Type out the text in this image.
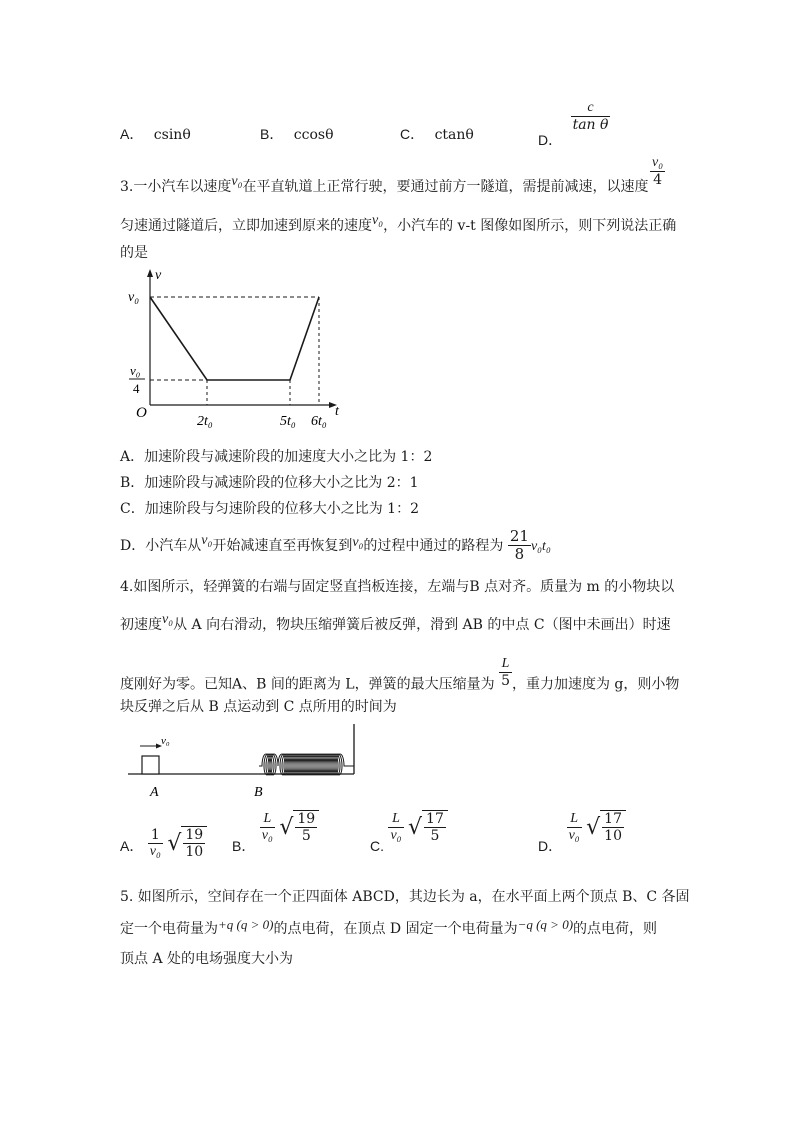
A． csinθ	B． ccosθ	C． ctanθ	D．
$\frac{c}{\text{tan θ}}$
3.一小汽车以速度v₀在平直轨道上正常行驶，要通过前方一隧道，需提前减速，以速度 $\frac{\text{v₀}}{4}$
匀速通过隧道后，立即加速到原来的速度v₀，小汽车的 v-t 图像如图所示，则下列说法正确
的是
v
t
O
v₀
v₀
4
2t₀	5t₀ 6t₀
A．加速阶段与减速阶段的加速度大小之比为 1：2
B．加速阶段与减速阶段的位移大小之比为 2：1
C．加速阶段与匀速阶段的位移大小之比为 1：2
D．小汽车从v₀开始减速直至再恢复到v₀的过程中通过的路程为 $\frac{21}{8} v_0t_0$
4.如图所示，轻弹簧的右端与固定竖直挡板连接，左端与B 点对齐。质量为 m 的小物块以
初速度v₀从 A 向右滑动，物块压缩弹簧后被反弹，滑到 AB 的中点 C（图中未画出）时速
度刚好为零。已知A、B 间的距离为 L，弹簧的最大压缩量为 $\frac{L}{5}$ ，重力加速度为 g，则小物
块反弹之后从 B 点运动到 C 点所用的时间为
v₀
A	B
A． $\frac{1}{\text{v₀}}$ √ $\frac{19}{10}$ B．
$\frac{L}{\text{v₀}}$ √ $\frac{19}{5}$
C.
$\frac{L}{\text{v₀}}$ √ $\frac{17}{5}$
D．
$\frac{L}{\text{v₀}}$ √ $\frac{17}{10}$
5. 如图所示，空间存在一个正四面体 ABCD，其边长为 a，在水平面上两个顶点 B、C 各固
定一个电荷量为+q (q > 0)的点电荷，在顶点 D 固定一个电荷量为−q (q > 0)的点电荷，则
顶点 A 处的电场强度大小为
